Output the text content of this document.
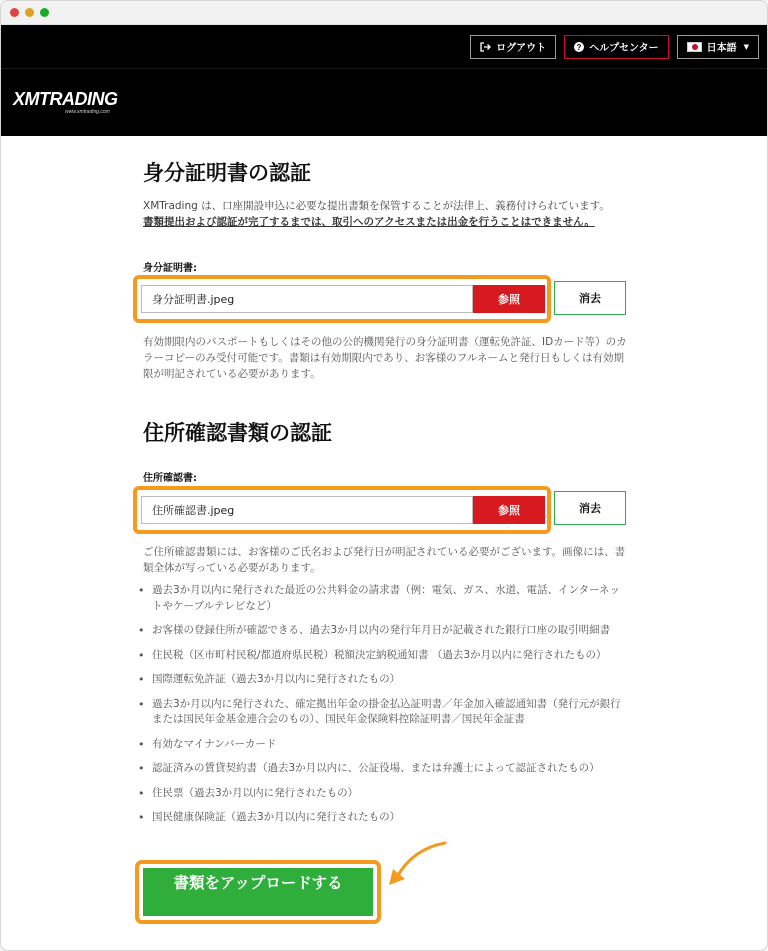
ログアウト	? ヘルプセンター	日本語 ▼
XMTRADING
www.xmtrading.com
身分証明書の認証
XMTrading は、口座開設申込に必要な提出書類を保管することが法律上、義務付けられています。
書類提出および認証が完了するまでは、取引へのアクセスまたは出金を行うことはできません。
身分証明書:
身分証明書.jpeg	参照	消去
有効期限内のパスポートもしくはその他の公的機関発行の身分証明書（運転免許証、IDカード等）のカラーコピーのみ受付可能です。書類は有効期限内であり、お客様のフルネームと発行日もしくは有効期限が明記されている必要があります。
住所確認書類の認証
住所確認書:
住所確認書.jpeg	参照	消去
ご住所確認書類には、お客様のご氏名および発行日が明記されている必要がございます。画像には、書類全体が写っている必要があります。
• 過去3か月以内に発行された最近の公共料金の請求書（例：電気、ガス、水道、電話、インターネットやケーブルテレビなど）
• お客様の登録住所が確認できる、過去3か月以内の発行年月日が記載された銀行口座の取引明細書
• 住民税（区市町村民税/都道府県民税）税額決定納税通知書 （過去3か月以内に発行されたもの）
• 国際運転免許証（過去3か月以内に発行されたもの）
• 過去3か月以内に発行された、確定拠出年金の掛金払込証明書／年金加入確認通知書（発行元が銀行または国民年金基金連合会のもの）、国民年金保険料控除証明書／国民年金証書
• 有効なマイナンバーカード
• 認証済みの賃貸契約書（過去3か月以内に、公証役場、または弁護士によって認証されたもの）
• 住民票（過去3か月以内に発行されたもの）
• 国民健康保険証（過去3か月以内に発行されたもの）
書類をアップロードする
